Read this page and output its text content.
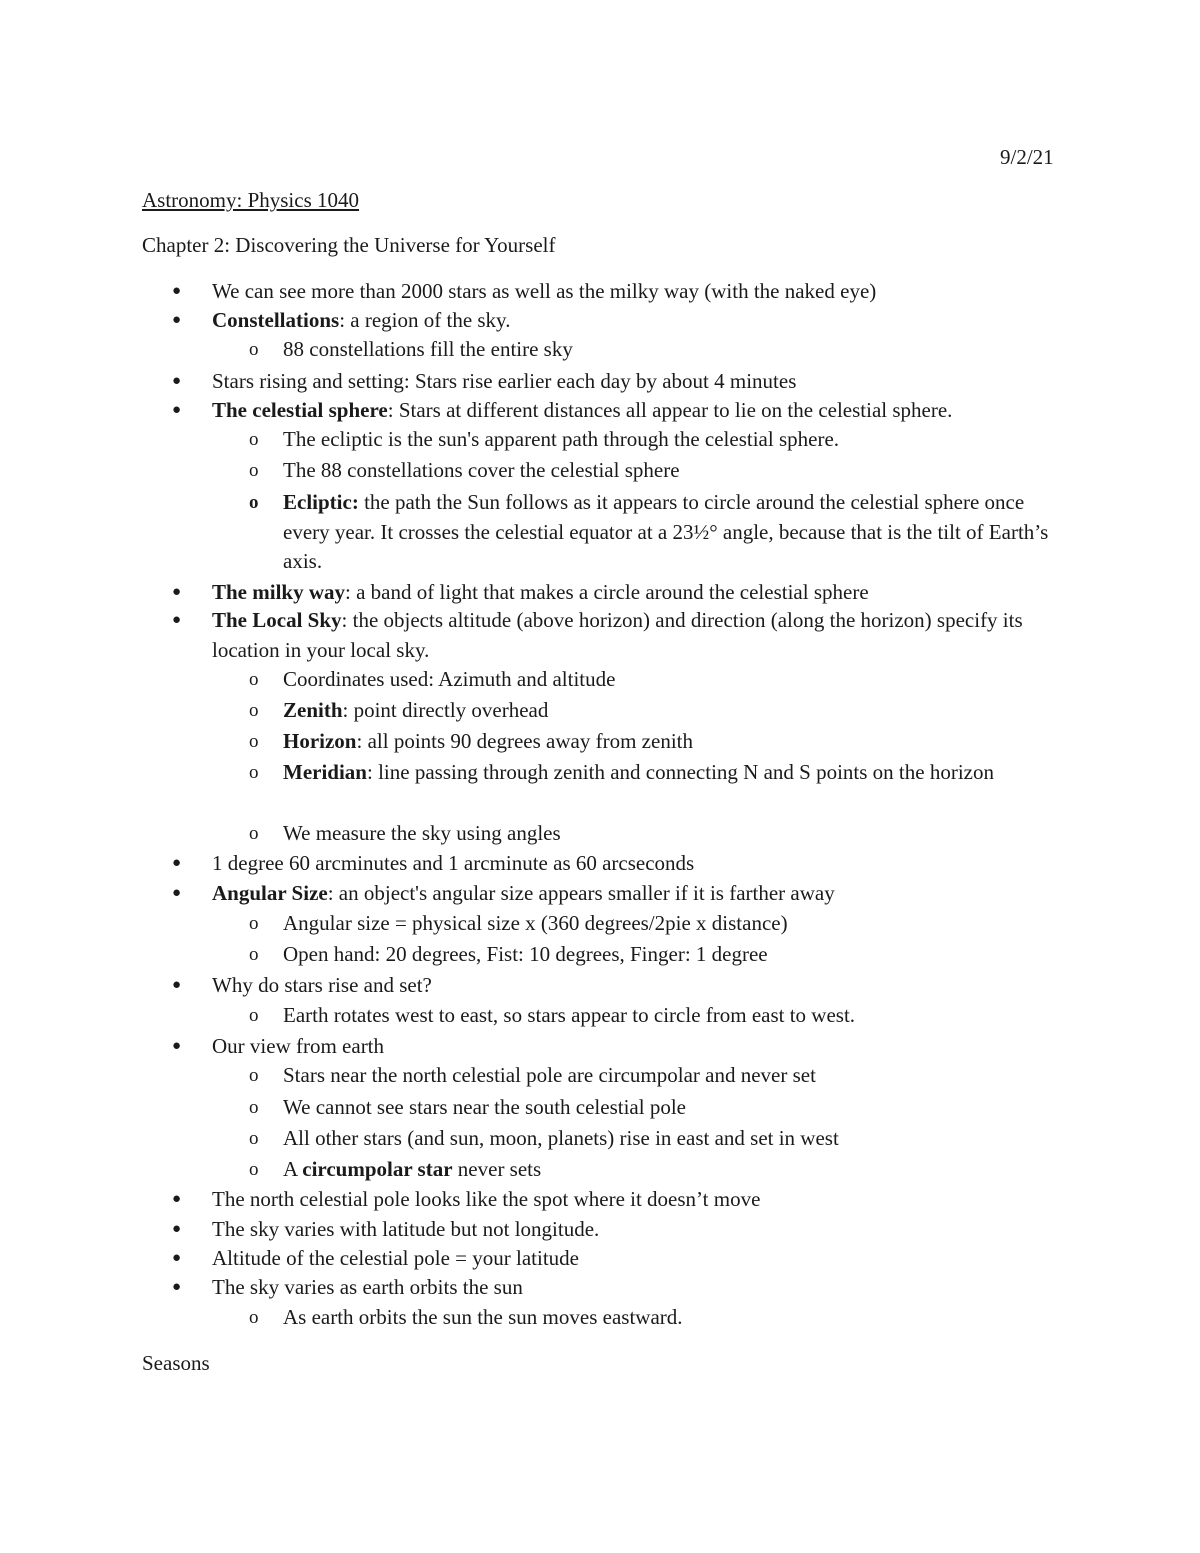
9/2/21
Astronomy: Physics 1040
Chapter 2: Discovering the Universe for Yourself
● We can see more than 2000 stars as well as the milky way (with the naked eye)
● Constellations: a region of the sky.
o 88 constellations fill the entire sky
● Stars rising and setting: Stars rise earlier each day by about 4 minutes
● The celestial sphere: Stars at different distances all appear to lie on the celestial sphere.
o The ecliptic is the sun's apparent path through the celestial sphere.
o The 88 constellations cover the celestial sphere
o Ecliptic: the path the Sun follows as it appears to circle around the celestial sphere once every year. It crosses the celestial equator at a 23½° angle, because that is the tilt of Earth’s axis.
● The milky way: a band of light that makes a circle around the celestial sphere
● The Local Sky: the objects altitude (above horizon) and direction (along the horizon) specify its location in your local sky.
o Coordinates used: Azimuth and altitude
o Zenith: point directly overhead
o Horizon: all points 90 degrees away from zenith
o Meridian: line passing through zenith and connecting N and S points on the horizon
o We measure the sky using angles
● 1 degree 60 arcminutes and 1 arcminute as 60 arcseconds
● Angular Size: an object's angular size appears smaller if it is farther away
o Angular size = physical size x (360 degrees/2pie x distance)
o Open hand: 20 degrees, Fist: 10 degrees, Finger: 1 degree
● Why do stars rise and set?
o Earth rotates west to east, so stars appear to circle from east to west.
● Our view from earth
o Stars near the north celestial pole are circumpolar and never set
o We cannot see stars near the south celestial pole
o All other stars (and sun, moon, planets) rise in east and set in west
o A circumpolar star never sets
● The north celestial pole looks like the spot where it doesn’t move
● The sky varies with latitude but not longitude.
● Altitude of the celestial pole = your latitude
● The sky varies as earth orbits the sun
o As earth orbits the sun the sun moves eastward.
Seasons
